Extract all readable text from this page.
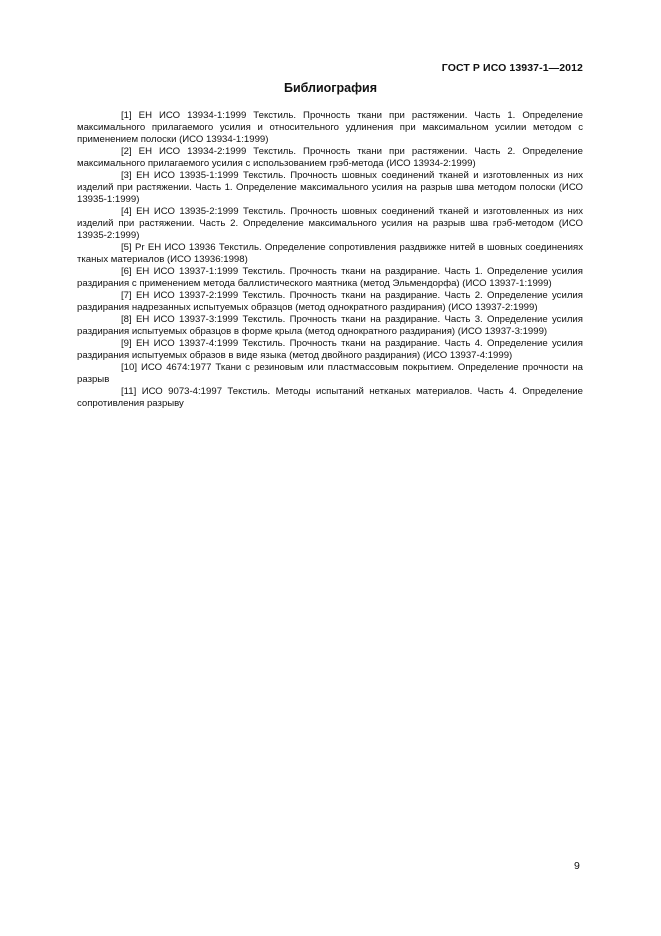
ГОСТ Р ИСО 13937-1—2012
Библиография

[1] ЕН ИСО 13934-1:1999 Текстиль. Прочность ткани при растяжении. Часть 1. Определение максимального прилагаемого усилия и относительного удлинения при максимальном усилии методом с применением полоски (ИСО 13934-1:1999)

[2] ЕН ИСО 13934-2:1999 Текстиль. Прочность ткани при растяжении. Часть 2. Определение максимального прилагаемого усилия с использованием грэб-метода (ИСО 13934-2:1999)

[3] ЕН ИСО 13935-1:1999 Текстиль. Прочность шовных соединений тканей и изготовленных из них изделий при растяжении. Часть 1. Определение максимального усилия на разрыв шва методом полоски (ИСО 13935-1:1999)

[4] ЕН ИСО 13935-2:1999 Текстиль. Прочность шовных соединений тканей и изготовленных из них изделий при растяжении. Часть 2. Определение максимального усилия на разрыв шва грэб-методом (ИСО 13935-2:1999)

[5] Pr ЕН ИСО 13936 Текстиль. Определение сопротивления раздвижке нитей в шовных соединениях тканых материалов (ИСО 13936:1998)

[6] ЕН ИСО 13937-1:1999 Текстиль. Прочность ткани на раздирание. Часть 1. Определение усилия раздирания с применением метода баллистического маятника (метод Эльмендорфа) (ИСО 13937-1:1999)

[7] ЕН ИСО 13937-2:1999 Текстиль. Прочность ткани на раздирание. Часть 2. Определение усилия раздирания надрезанных испытуемых образцов (метод однократного раздирания) (ИСО 13937-2:1999)

[8] ЕН ИСО 13937-3:1999 Текстиль. Прочность ткани на раздирание. Часть 3. Определение усилия раздирания испытуемых образцов в форме крыла (метод однократного раздирания) (ИСО 13937-3:1999)

[9] ЕН ИСО 13937-4:1999 Текстиль. Прочность ткани на раздирание. Часть 4. Определение усилия раздирания испытуемых образов в виде языка (метод двойного раздирания) (ИСО 13937-4:1999)

[10] ИСО 4674:1977 Ткани с резиновым или пластмассовым покрытием. Определение прочности на разрыв

[11] ИСО 9073-4:1997 Текстиль. Методы испытаний нетканых материалов. Часть 4. Определение сопротивления разрыву

9
